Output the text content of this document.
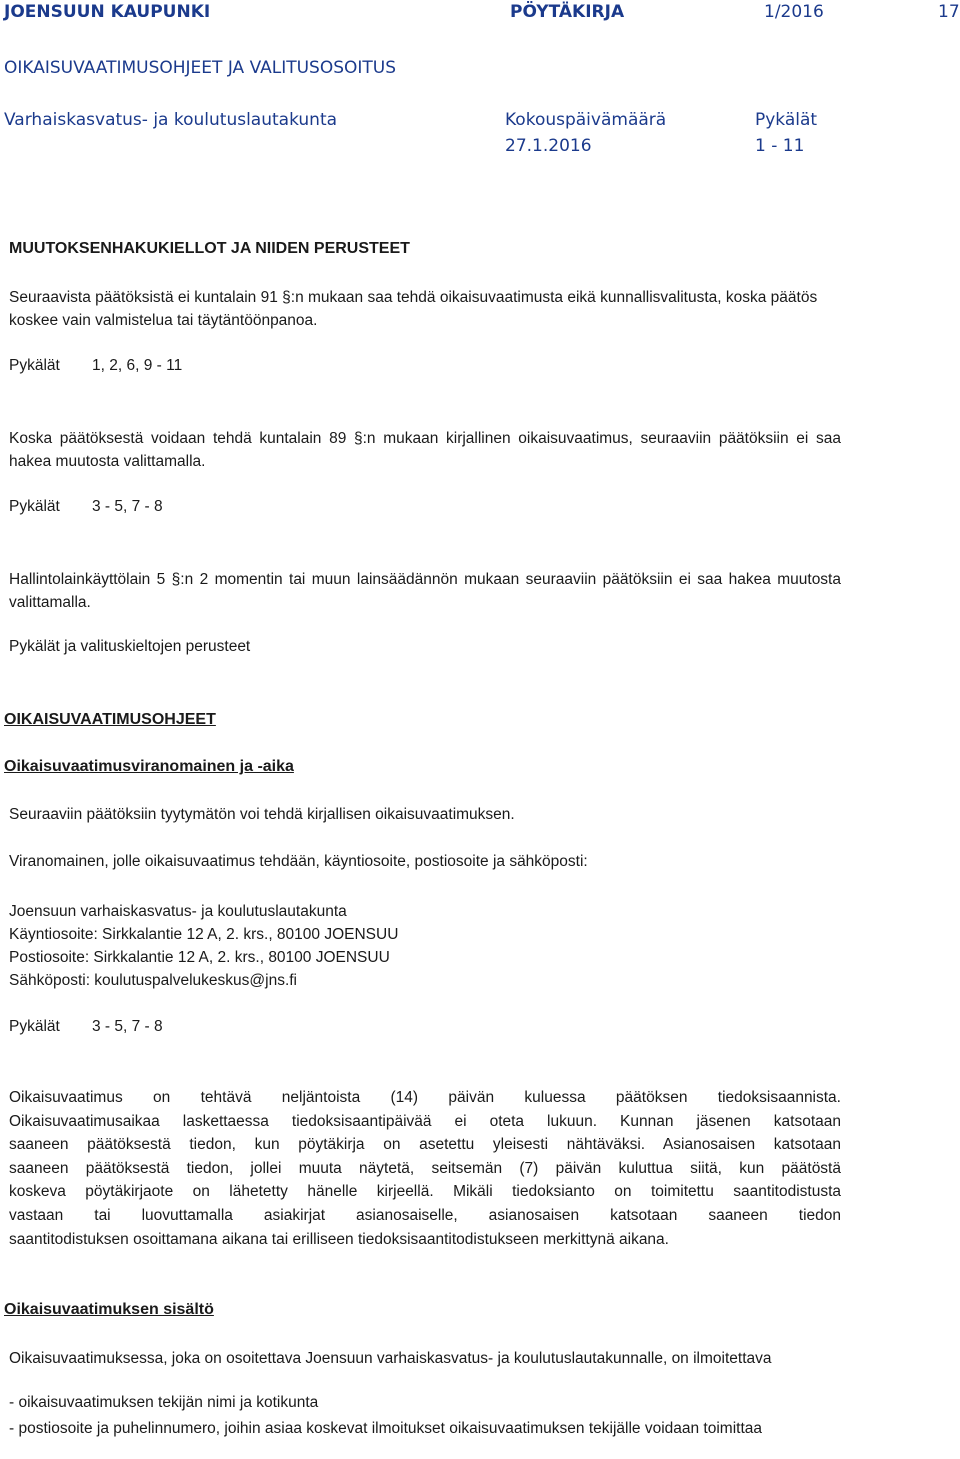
JOENSUUN KAUPUNKI	PÖYTÄKIRJA	1/2016	17
OIKAISUVAATIMUSOHJEET JA VALITUSOSOITUS
Varhaiskasvatus- ja koulutuslautakunta	Kokouspäivämäärä	Pykälät
27.1.2016	1 - 11
MUUTOKSENHAKUKIELLOT JA NIIDEN PERUSTEET

Seuraavista päätöksistä ei kuntalain 91 §:n mukaan saa tehdä oikaisuvaatimusta eikä kunnallisvalitusta, koska päätös koskee vain valmistelua tai täytäntöönpanoa.

Pykälät 1, 2, 6, 9 - 11

Koska päätöksestä voidaan tehdä kuntalain 89 §:n mukaan kirjallinen oikaisuvaatimus, seuraaviin päätöksiin ei saa hakea muutosta valittamalla.

Pykälät 3 - 5, 7 - 8

Hallintolainkäyttölain 5 §:n 2 momentin tai muun lainsäädännön mukaan seuraaviin päätöksiin ei saa hakea muutosta valittamalla.

Pykälät ja valituskieltojen perusteet
OIKAISUVAATIMUSOHJEET
Oikaisuvaatimusviranomainen ja -aika
Seuraaviin päätöksiin tyytymätön voi tehdä kirjallisen oikaisuvaatimuksen.
Viranomainen, jolle oikaisuvaatimus tehdään, käyntiosoite, postiosoite ja sähköposti:
Joensuun varhaiskasvatus- ja koulutuslautakunta
Käyntiosoite: Sirkkalantie 12 A, 2. krs., 80100 JOENSUU
Postiosoite: Sirkkalantie 12 A, 2. krs., 80100 JOENSUU
Sähköposti: koulutuspalvelukeskus@jns.fi
Pykälät 3 - 5, 7 - 8
Oikaisuvaatimus on tehtävä neljäntoista (14) päivän kuluessa päätöksen tiedoksisaannista.
Oikaisuvaatimusaikaa laskettaessa tiedoksisaantipäivää ei oteta lukuun. Kunnan jäsenen katsotaan
saaneen päätöksestä tiedon, kun pöytäkirja on asetettu yleisesti nähtäväksi. Asianosaisen katsotaan
saaneen päätöksestä tiedon, jollei muuta näytetä, seitsemän (7) päivän kuluttua siitä, kun päätöstä
koskeva pöytäkirjaote on lähetetty hänelle kirjeellä. Mikäli tiedoksianto on toimitettu saantitodistusta
vastaan tai luovuttamalla asiakirjat asianosaiselle, asianosaisen katsotaan saaneen tiedon
saantitodistuksen osoittamana aikana tai erilliseen tiedoksisaantitodistukseen merkittynä aikana.
Oikaisuvaatimuksen sisältö

Oikaisuvaatimuksessa, joka on osoitettava Joensuun varhaiskasvatus- ja koulutuslautakunnalle, on ilmoitettava

- oikaisuvaatimuksen tekijän nimi ja kotikunta

- postiosoite ja puhelinnumero, joihin asiaa koskevat ilmoitukset oikaisuvaatimuksen tekijälle voidaan toimittaa
